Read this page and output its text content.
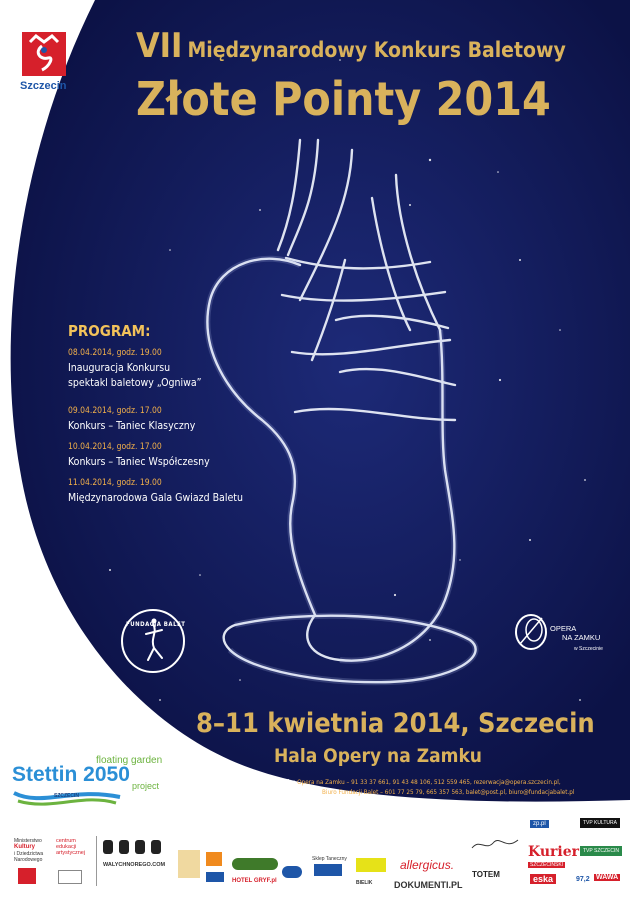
Szczecin
VII Międzynarodowy Konkurs Baletowy
Złote Pointy 2014
PROGRAM:
08.04.2014, godz. 19.00
Inauguracja Konkursu
spektakl baletowy „Ogniwa”
09.04.2014, godz. 17.00
Konkurs – Taniec Klasyczny
10.04.2014, godz. 17.00
Konkurs – Taniec Współczesny
11.04.2014, godz. 19.00
Międzynarodowa Gala Gwiazd Baletu
FUNDACJA BALET	OPERA
NA ZAMKU
w Szczecinie
8–11 kwietnia 2014, Szczecin
Hala Opery na Zamku
Bilety do nabycia: Opera na Zamku – 91 33 37 661, 91 43 48 106, 512 559 465, rezerwacja@opera.szczecin.pl,
Biuro Fundacji Balet – 601 77 25 79, 665 357 563, balet@post.pl, biuro@fundacjabalet.pl
floating garden
Stettin 2050 project
SZCZECIN
Ministerstwo
Kultury
i Dziedzictwa
Narodowego
centrum
edukacji
artystycznej
WALYCHNOREGO.COM
HOTEL GRYF.pl
Sklep Taneczny
BIELIK
allergicus.
DOKUMENTI.PL
TOTEM
zp.pl	TVP KULTURA
Kurier
SZCZECIŃSKI
TVP SZCZECIN
eska	97,2 WAWA
